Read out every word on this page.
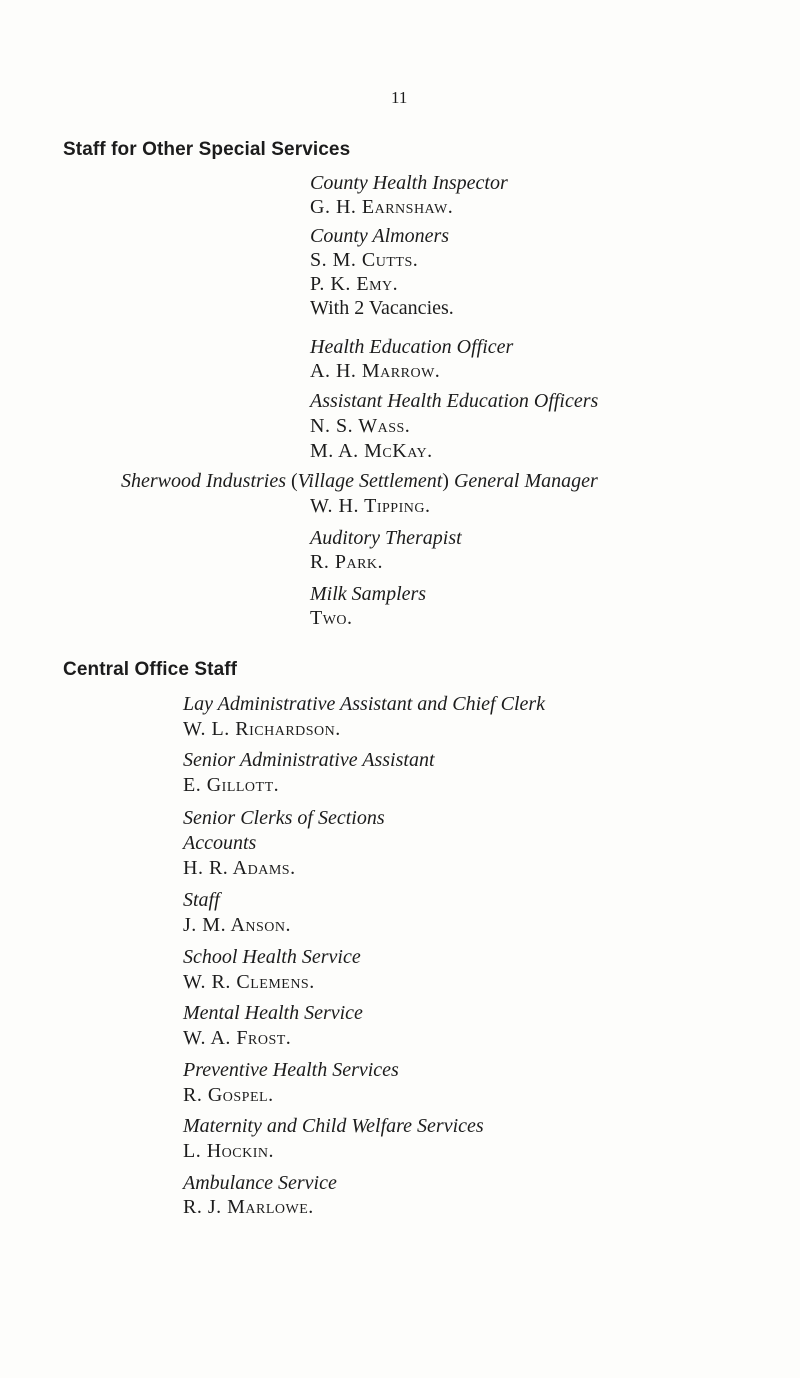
11
Staff for Other Special Services
County Health Inspector
G. H. Earnshaw.
County Almoners
S. M. Cutts.
P. K. Emy.
With 2 Vacancies.
Health Education Officer
A. H. Marrow.
Assistant Health Education Officers
N. S. Wass.
M. A. McKay.
Sherwood Industries (Village Settlement) General Manager
W. H. Tipping.
Auditory Therapist
R. Park.
Milk Samplers
Two.
Central Office Staff
Lay Administrative Assistant and Chief Clerk
W. L. Richardson.
Senior Administrative Assistant
E. Gillott.
Senior Clerks of Sections
Accounts
H. R. Adams.
Staff
J. M. Anson.
School Health Service
W. R. Clemens.
Mental Health Service
W. A. Frost.
Preventive Health Services
R. Gospel.
Maternity and Child Welfare Services
L. Hockin.
Ambulance Service
R. J. Marlowe.
